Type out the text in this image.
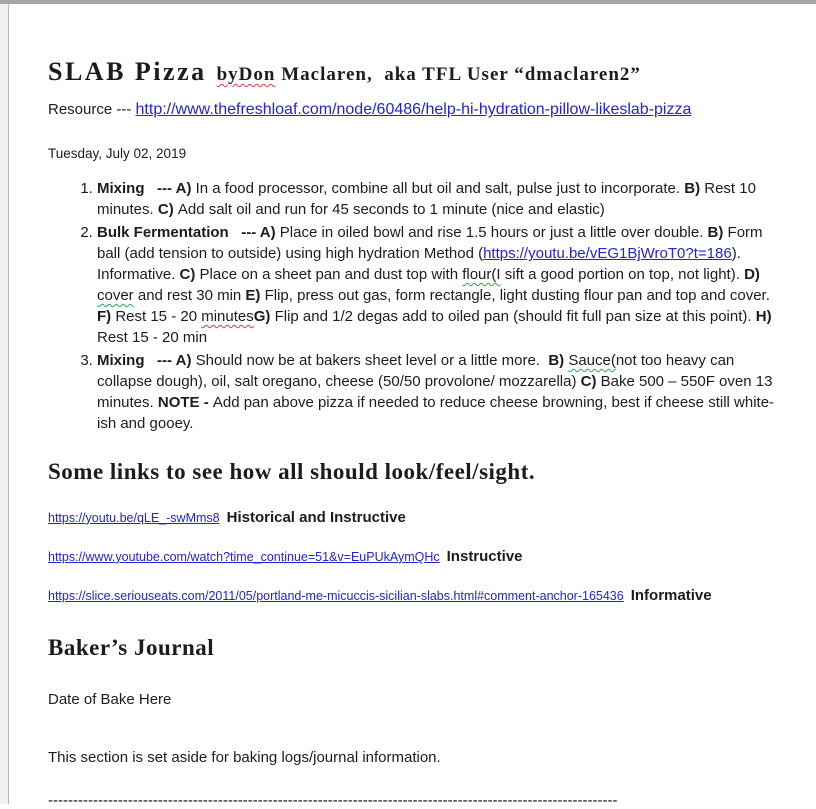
SLAB Pizza byDon Maclaren,  aka TFL User “dmaclaren2”

Resource --- http://www.thefreshloaf.com/node/60486/help-hi-hydration-pillow-likeslab-pizza

Tuesday, July 02, 2019

1. Mixing --- A) In a food processor, combine all but oil and salt, pulse just to incorporate. B) Rest 10 minutes. C) Add salt oil and run for 45 seconds to 1 minute (nice and elastic)
2. Bulk Fermentation --- A) Place in oiled bowl and rise 1.5 hours or just a little over double. B) Form ball (add tension to outside) using high hydration Method (https://youtu.be/vEG1BjWroT0?t=186).  Informative. C) Place on a sheet pan and dust top with flour(I sift a good portion on top, not light). D)  cover and rest 30 min E) Flip, press out gas, form rectangle, light dusting flour pan and top and cover. F) Rest 15 - 20 minutesG) Flip and 1/2 degas add to oiled pan (should fit full pan size at this point). H) Rest 15 - 20 min
3. Mixing --- A) Should now be at bakers sheet level or a little more.  B) Sauce(not too heavy can collapse dough), oil, salt oregano, cheese (50/50 provolone/ mozzarella) C) Bake 500 – 550F oven 13 minutes. NOTE - Add pan above pizza if needed to reduce cheese browning, best if cheese still white-ish and gooey.
Some links to see how all should look/feel/sight.

https://youtu.be/qLE_-swMms8 Historical and Instructive

https://www.youtube.com/watch?time_continue=51&v=EuPUkAymQHc Instructive

https://slice.seriouseats.com/2011/05/portland-me-micuccis-sicilian-slabs.html#comment-anchor-165436 Informative

Baker’s Journal

Date of Bake Here

This section is set aside for baking logs/journal information.

------------------------------------------------------------------------------------------------------------------
